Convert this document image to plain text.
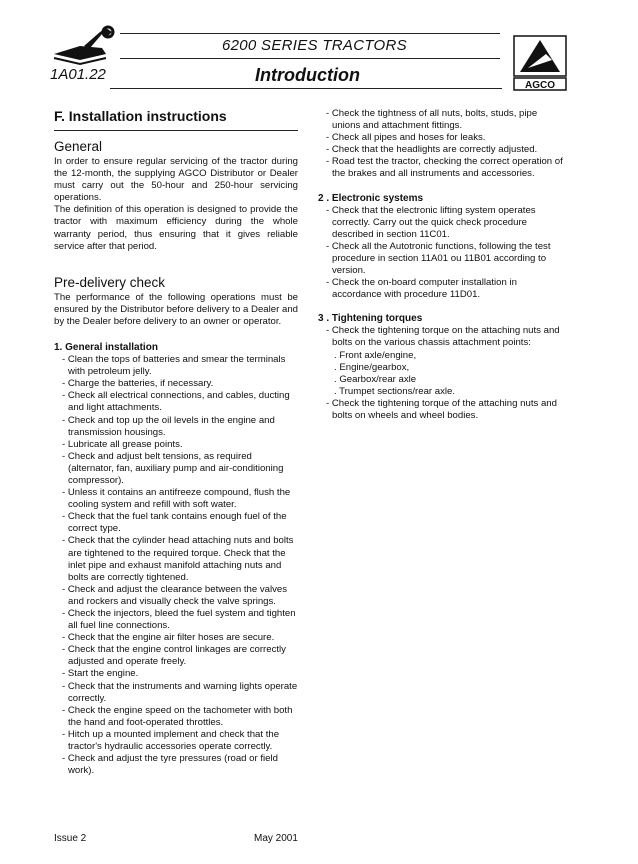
6200 SERIES TRACTORS
1A01.22	Introduction
AGCO
F. Installation instructions
General

In order to ensure regular servicing of the tractor during the 12-month, the supplying AGCO Distributor or Dealer must carry out the 50-hour and 250-hour servicing operations.

The definition of this operation is designed to provide the tractor with maximum efficiency during the whole warranty period, thus ensuring that it gives reliable service after that period.

Pre-delivery check

The performance of the following operations must be ensured by the Distributor before delivery to a Dealer and by the Dealer before delivery to an owner or operator.

1. General installation
- Clean the tops of batteries and smear the terminals with petroleum jelly.
- Charge the batteries, if necessary.
- Check all electrical connections, and cables, ducting and light attachments.
- Check and top up the oil levels in the engine and transmission housings.
- Lubricate all grease points.
- Check and adjust belt tensions, as required (alternator, fan, auxiliary pump and air-conditioning compressor).
- Unless it contains an antifreeze compound, flush the cooling system and refill with soft water.
- Check that the fuel tank contains enough fuel of the correct type.
- Check that the cylinder head attaching nuts and bolts are tightened to the required torque. Check that the inlet pipe and exhaust manifold attaching nuts and bolts are correctly tightened.
- Check and adjust the clearance between the valves and rockers and visually check the valve springs.
- Check the injectors, bleed the fuel system and tighten all fuel line connections.
- Check that the engine air filter hoses are secure.
- Check that the engine control linkages are correctly adjusted and operate freely.
- Start the engine.
- Check that the instruments and warning lights operate correctly.
- Check the engine speed on the tachometer with both the hand and foot-operated throttles.
- Hitch up a mounted implement and check that the tractor's hydraulic accessories operate correctly.
- Check and adjust the tyre pressures (road or field work).
- Check the tightness of all nuts, bolts, studs, pipe unions and attachment fittings.
- Check all pipes and hoses for leaks.
- Check that the headlights are correctly adjusted.
- Road test the tractor, checking the correct operation of the brakes and all instruments and accessories.
2 . Electronic systems
- Check that the electronic lifting system operates correctly. Carry out the quick check procedure described in section 11C01.
- Check all the Autotronic functions, following the test procedure in section 11A01 ou 11B01 according to version.
- Check the on-board computer installation in accordance with procedure 11D01.
3 . Tightening torques
- Check the tightening torque on the attaching nuts and bolts on the various chassis attachment points:
. Front axle/engine,
. Engine/gearbox,
. Gearbox/rear axle
. Trumpet sections/rear axle.
- Check the tightening torque of the attaching nuts and bolts on wheels and wheel bodies.
Issue 2	May 2001
